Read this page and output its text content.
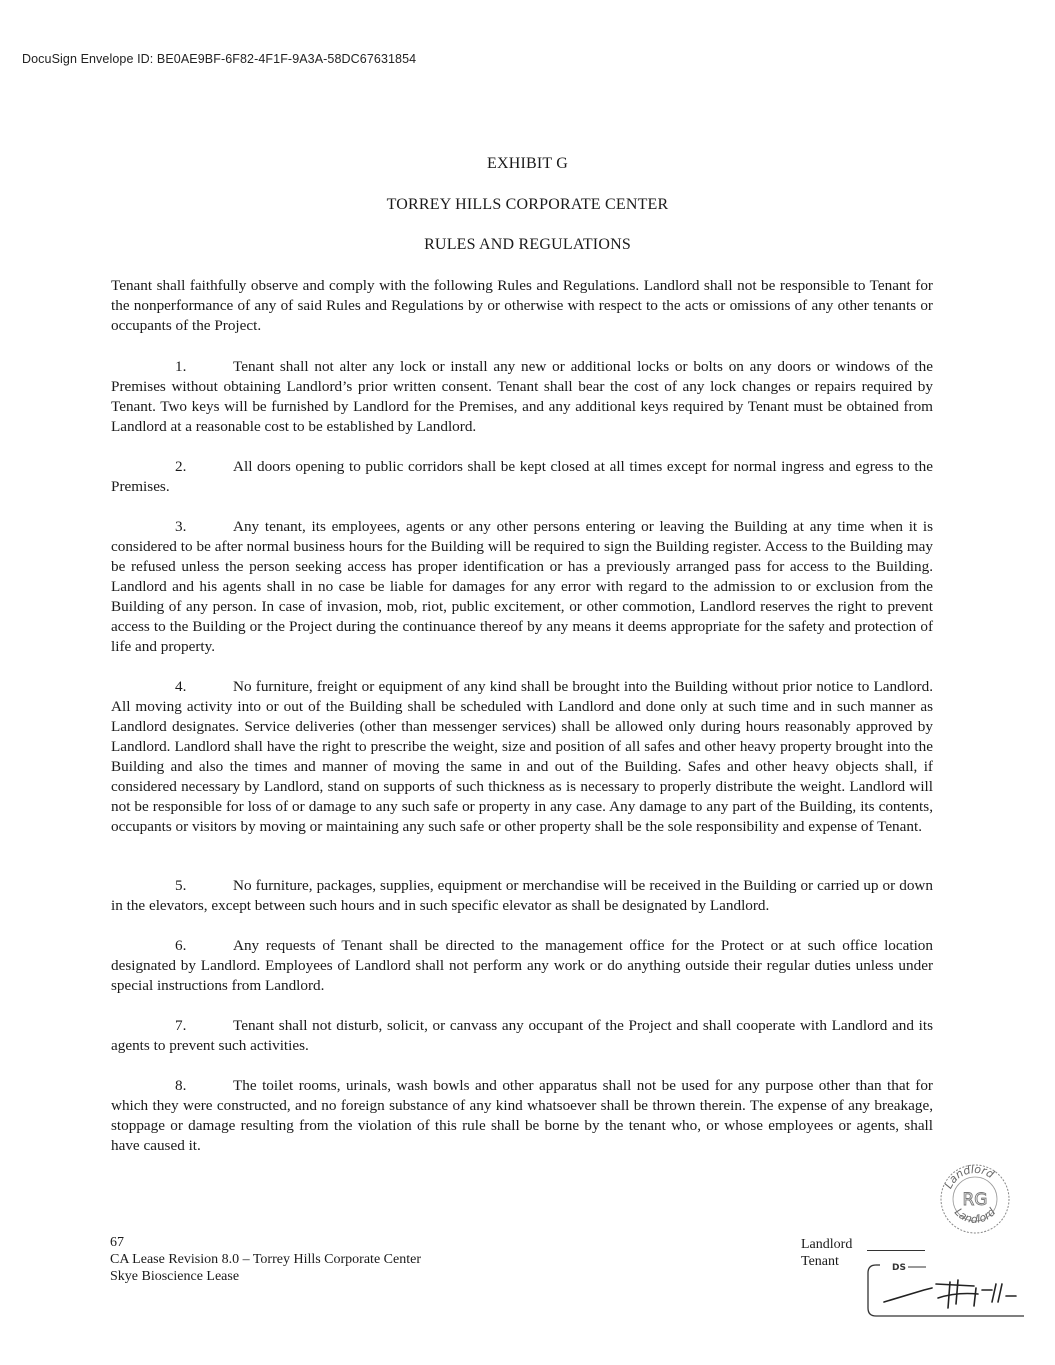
DocuSign Envelope ID: BE0AE9BF-6F82-4F1F-9A3A-58DC67631854
EXHIBIT G
TORREY HILLS CORPORATE CENTER
RULES AND REGULATIONS
Tenant shall faithfully observe and comply with the following Rules and Regulations. Landlord shall not be responsible to Tenant for the nonperformance of any of said Rules and Regulations by or otherwise with respect to the acts or omissions of any other tenants or occupants of the Project.

1.	Tenant shall not alter any lock or install any new or additional locks or bolts on any doors or windows of the Premises without obtaining Landlord’s prior written consent. Tenant shall bear the cost of any lock changes or repairs required by Tenant. Two keys will be furnished by Landlord for the Premises, and any additional keys required by Tenant must be obtained from Landlord at a reasonable cost to be established by Landlord.

2.	All doors opening to public corridors shall be kept closed at all times except for normal ingress and egress to the Premises.

3.	Any tenant, its employees, agents or any other persons entering or leaving the Building at any time when it is considered to be after normal business hours for the Building will be required to sign the Building register. Access to the Building may be refused unless the person seeking access has proper identification or has a previously arranged pass for access to the Building. Landlord and his agents shall in no case be liable for damages for any error with regard to the admission to or exclusion from the Building of any person. In case of invasion, mob, riot, public excitement, or other commotion, Landlord reserves the right to prevent access to the Building or the Project during the continuance thereof by any means it deems appropriate for the safety and protection of life and property.

4.	No furniture, freight or equipment of any kind shall be brought into the Building without prior notice to Landlord. All moving activity into or out of the Building shall be scheduled with Landlord and done only at such time and in such manner as Landlord designates. Service deliveries (other than messenger services) shall be allowed only during hours reasonably approved by Landlord. Landlord shall have the right to prescribe the weight, size and position of all safes and other heavy property brought into the Building and also the times and manner of moving the same in and out of the Building. Safes and other heavy objects shall, if considered necessary by Landlord, stand on supports of such thickness as is necessary to properly distribute the weight. Landlord will not be responsible for loss of or damage to any such safe or property in any case. Any damage to any part of the Building, its contents, occupants or visitors by moving or maintaining any such safe or other property shall be the sole responsibility and expense of Tenant.

5.	No furniture, packages, supplies, equipment or merchandise will be received in the Building or carried up or down in the elevators, except between such hours and in such specific elevator as shall be designated by Landlord.

6.	Any requests of Tenant shall be directed to the management office for the Protect or at such office location designated by Landlord. Employees of Landlord shall not perform any work or do anything outside their regular duties unless under special instructions from Landlord.

7.	Tenant shall not disturb, solicit, or canvass any occupant of the Project and shall cooperate with Landlord and its agents to prevent such activities.

8.	The toilet rooms, urinals, wash bowls and other apparatus shall not be used for any purpose other than that for which they were constructed, and no foreign substance of any kind whatsoever shall be thrown therein. The expense of any breakage, stoppage or damage resulting from the violation of this rule shall be borne by the tenant who, or whose employees or agents, shall have caused it.

Landlord
RG
Landlord
67
CA Lease Revision 8.0 – Torrey Hills Corporate Center
Skye Bioscience Lease
Landlord
Tenant	DS
